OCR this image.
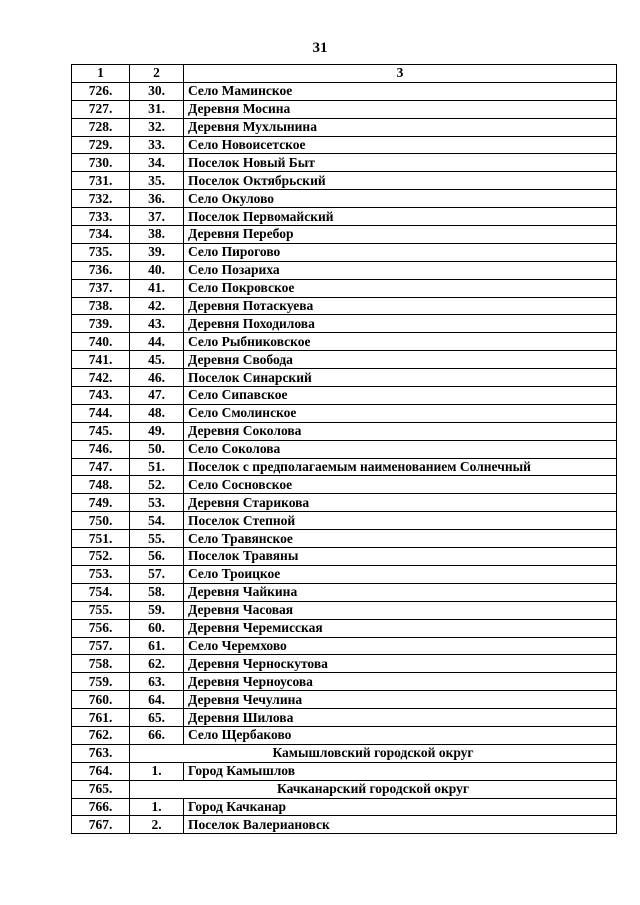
31
1	2	3
726.	30.	Село Маминское
727.	31.	Деревня Мосина
728.	32.	Деревня Мухлынина
729.	33.	Село Новоисетское
730.	34.	Поселок Новый Быт
731.	35.	Поселок Октябрьский
732.	36.	Село Окулово
733.	37.	Поселок Первомайский
734.	38.	Деревня Перебор
735.	39.	Село Пирогово
736.	40.	Село Позариха
737.	41.	Село Покровское
738.	42.	Деревня Потаскуева
739.	43.	Деревня Походилова
740.	44.	Село Рыбниковское
741.	45.	Деревня Свобода
742.	46.	Поселок Синарский
743.	47.	Село Сипавское
744.	48.	Село Смолинское
745.	49.	Деревня Соколова
746.	50.	Село Соколова
747.	51.	Поселок с предполагаемым наименованием Солнечный
748.	52.	Село Сосновское
749.	53.	Деревня Старикова
750.	54.	Поселок Степной
751.	55.	Село Травянское
752.	56.	Поселок Травяны
753.	57.	Село Троицкое
754.	58.	Деревня Чайкина
755.	59.	Деревня Часовая
756.	60.	Деревня Черемисская
757.	61.	Село Черемхово
758.	62.	Деревня Черноскутова
759.	63.	Деревня Черноусова
760.	64.	Деревня Чечулина
761.	65.	Деревня Шилова
762.	66.	Село Щербаково
763.	Камышловский городской округ	
764.	1.	Город Камышлов
765.	Качканарский городской округ	
766.	1.	Город Качканар
767.	2.	Поселок Валериановск
